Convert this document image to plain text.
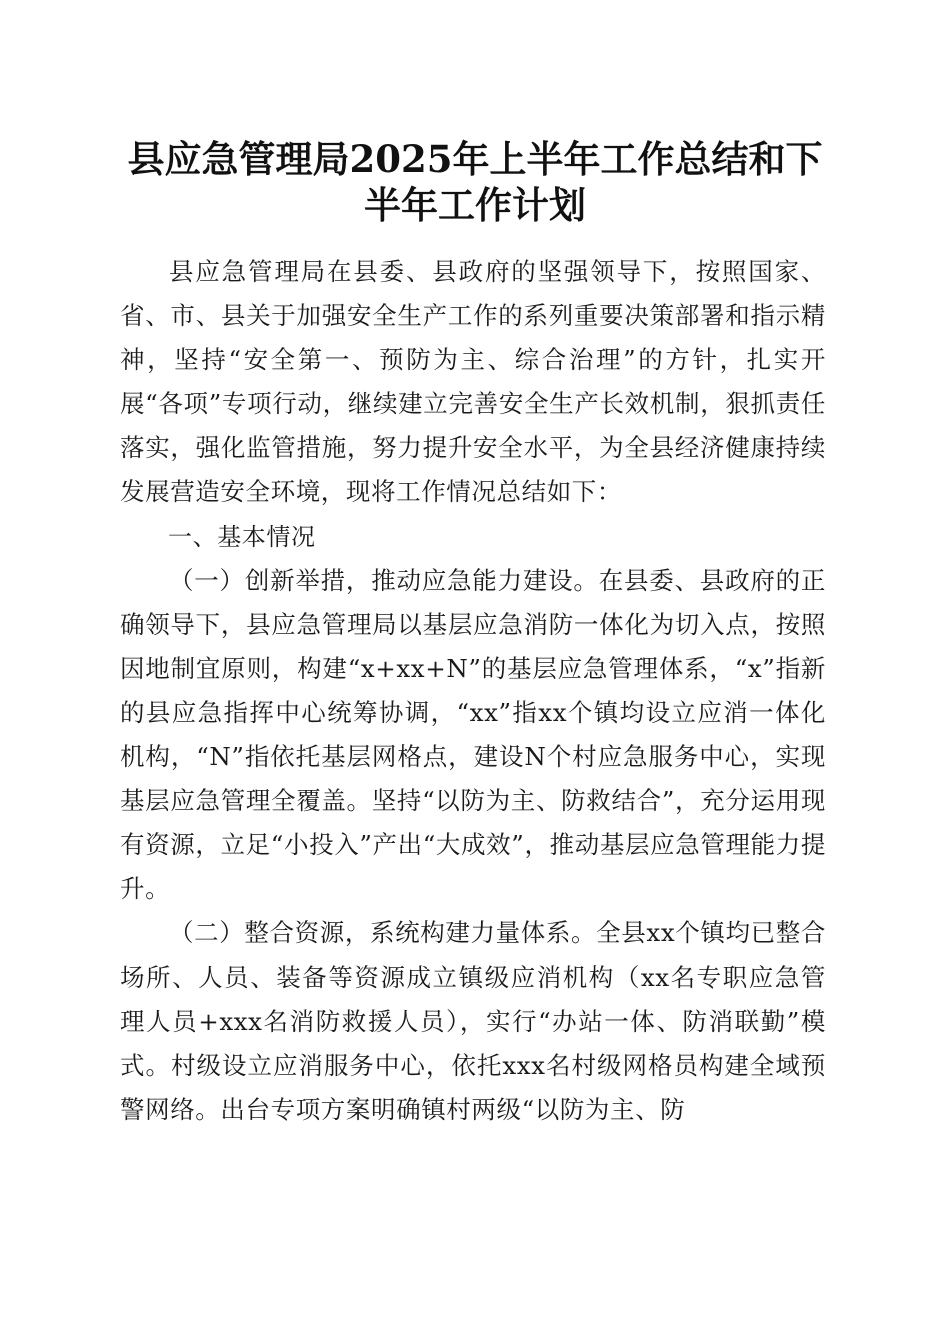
县应急管理局2025年上半年工作总结和下半年工作计划

县应急管理局在县委、县政府的坚强领导下，按照国家、省、市、县关于加强安全生产工作的系列重要决策部署和指示精神，坚持“安全第一、预防为主、综合治理”的方针，扎实开展“各项”专项行动，继续建立完善安全生产长效机制，狠抓责任落实，强化监管措施，努力提升安全水平，为全县经济健康持续发展营造安全环境，现将工作情况总结如下：

一、基本情况

（一）创新举措，推动应急能力建设。在县委、县政府的正确领导下，县应急管理局以基层应急消防一体化为切入点，按照因地制宜原则，构建“x+xx+N”的基层应急管理体系，“x”指新的县应急指挥中心统筹协调，“xx”指xx个镇均设立应消一体化机构，“N”指依托基层网格点，建设N个村应急服务中心，实现基层应急管理全覆盖。坚持“以防为主、防救结合”，充分运用现有资源，立足“小投入”产出“大成效”，推动基层应急管理能力提升。

（二）整合资源，系统构建力量体系。全县xx个镇均已整合场所、人员、装备等资源成立镇级应消机构（xx名专职应急管理人员+xxx名消防救援人员），实行“办站一体、防消联勤”模式。村级设立应消服务中心，依托xxx名村级网格员构建全域预警网络。出台专项方案明确镇村两级“以防为主、防
